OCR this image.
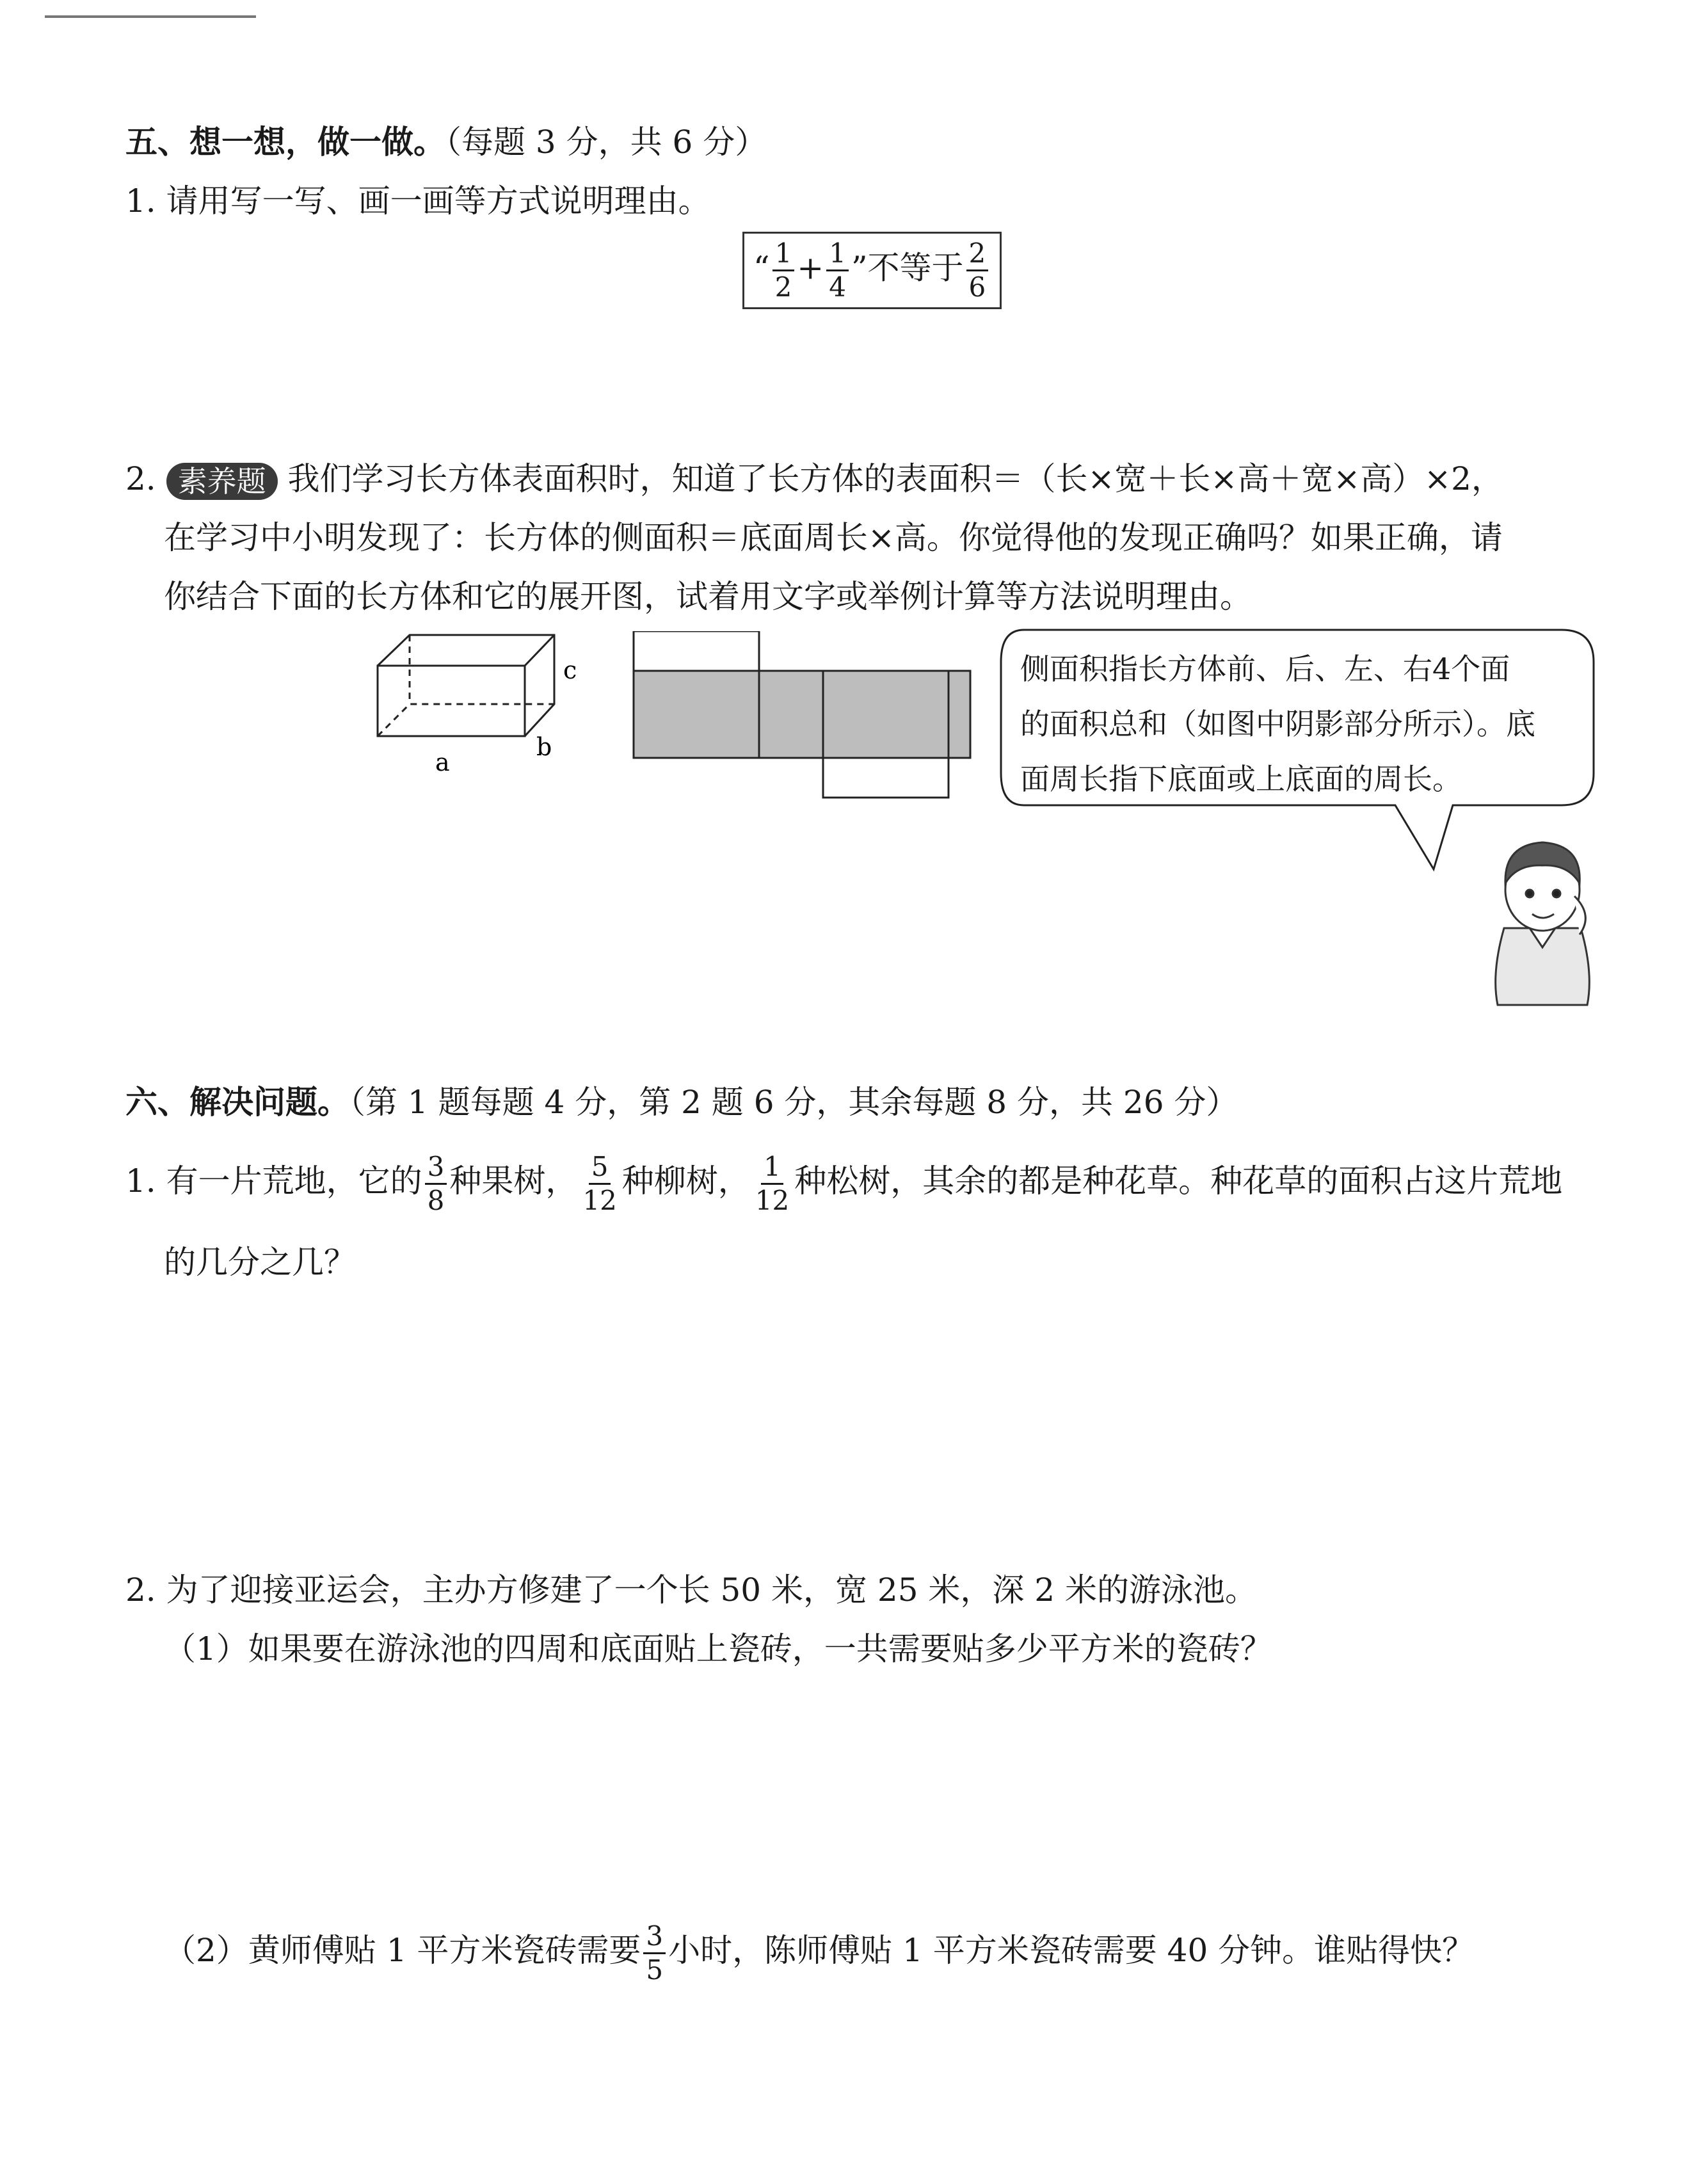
五、想一想，做一做。（每题 3 分，共 6 分）
1. 请用写一写、画一画等方式说明理由。
“ $\frac{1}{2} + \frac{1}{4}$ ”不等于 $\frac{2}{6}$
2. 素养题 我们学习长方体表面积时，知道了长方体的表面积＝（长×宽＋长×高＋宽×高）×2，
在学习中小明发现了：长方体的侧面积＝底面周长×高。你觉得他的发现正确吗？如果正确，请
你结合下面的长方体和它的展开图，试着用文字或举例计算等方法说明理由。
c
b
a
侧面积指长方体前、后、左、右4个面
的面积总和（如图中阴影部分所示）。底
面周长指下底面或上底面的周长。
六、解决问题。（第 1 题每题 4 分，第 2 题 6 分，其余每题 8 分，共 26 分）
1. 有一片荒地，它的 $\frac{3}{8}$ 种果树， $\frac{5}{12}$ 种柳树， $\frac{1}{12}$ 种松树，其余的都是种花草。种花草的面积占这片荒地
的几分之几？
2. 为了迎接亚运会，主办方修建了一个长 50 米，宽 25 米，深 2 米的游泳池。
（1）如果要在游泳池的四周和底面贴上瓷砖，一共需要贴多少平方米的瓷砖？
（2）黄师傅贴 1 平方米瓷砖需要 $\frac{3}{5}$ 小时，陈师傅贴 1 平方米瓷砖需要 40 分钟。谁贴得快？
